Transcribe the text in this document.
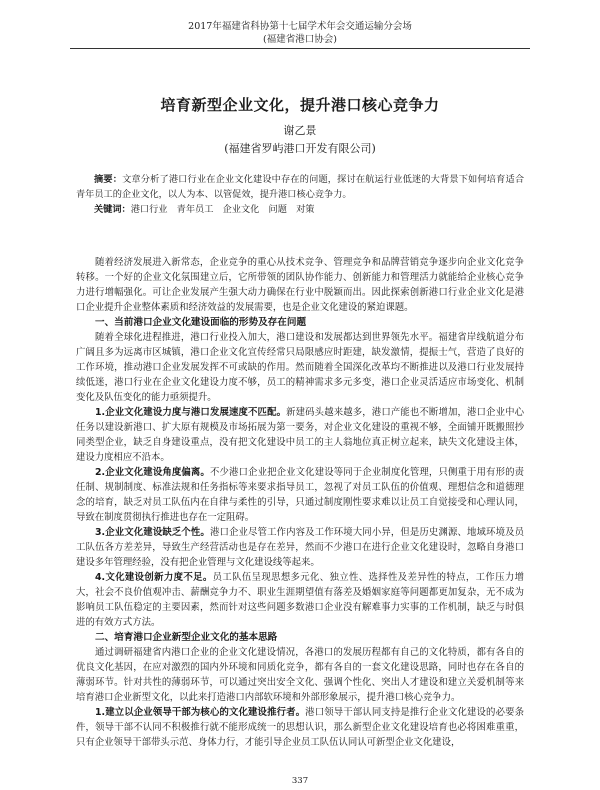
2017年福建省科协第十七届学术年会交通运输分会场
(福建省港口协会)
培育新型企业文化，提升港口核心竞争力
谢乙景
(福建省罗屿港口开发有限公司)
摘要：文章分析了港口行业在企业文化建设中存在的问题，探讨在航运行业低迷的大背景下如何培育适合青年员工的企业文化，以人为本、以管促效，提升港口核心竞争力。
关键词：港口行业　青年员工　企业文化　问题　对策

随着经济发展进入新常态，企业竞争的重心从技术竞争、管理竞争和品牌营销竞争逐步向企业文化竞争转移。一个好的企业文化氛围建立后，它所带领的团队协作能力、创新能力和管理活力就能给企业核心竞争力进行增幅强化。可让企业发展产生强大动力确保在行业中脱颖而出。因此探索创新港口行业企业文化是港口企业提升企业整体素质和经济效益的发展需要，也是企业文化建设的紧迫课题。

一、当前港口企业文化建设面临的形势及存在问题

随着全球化进程推进，港口行业投入加大，港口建设和发展都达到世界领先水平。福建省岸线航道分布广阔且多为远离市区城镇，港口企业文化宣传经常只局限感应时距建，缺发激情，提振士气，营造了良好的工作环境，推动港口企业发展发挥不可或缺的作用。然而随着全国深化改革均不断推进以及港口行业发展持续低迷，港口行业在企业文化建设力度不够，员工的精神需求多元多变，港口企业灵活适应市场变化、机制变化及队伍变化的能力亟须提升。

1.企业文化建设力度与港口发展速度不匹配。新建码头越来越多，港口产能也不断增加，港口企业中心任务以建设新港口、扩大原有规模及市场拓展为第一要务，对企业文化建设的重视不够，全面铺开既搬照抄同类型企业，缺乏自身建设重点，没有把文化建设中员工的主人翁地位真正树立起来，缺失文化建设主体，建设力度相应不沿本。

2.企业文化建设角度偏离。不少港口企业把企业文化建设等同于企业制度化管理，只侧重于用有形的责任制、规制制度、标准法规和任务指标等来要求指导员工，忽视了对员工队伍的价值观、理想信念和道德理念的培育，缺乏对员工队伍内在自律与柔性的引导，只通过制度刚性要求难以让员工自觉接受和心理认同，导致在制度贯彻执行推进也存在一定阻碍。

3.企业文化建设缺乏个性。港口企业尽管工作内容及工作环境大同小异，但是历史渊源、地域环境及员工队伍各方差差异，导致生产经营活动也是存在差异，然而不少港口在进行企业文化建设时，忽略自身港口建设多年管理经验，没有把企业管理与文化建设线等起来。

4.文化建设创新力度不足。员工队伍呈现思想多元化、独立性、选择性及差异性的特点，工作压力增大，社会不良价值观冲击、薪酬竞争力不、职业生涯期望值有落差及婚姻家庭等问题都更加复杂，无不成为影响员工队伍稳定的主要因素，然而针对这些问题多数港口企业没有解难事力实事的工作机制，缺乏与时俱进的有效方式方法。

二、培育港口企业新型企业文化的基本思路

通过调研福建省内港口企业的企业文化建设情况，各港口的发展历程都有自己的文化特质，都有各自的优良文化基因，在应对激烈的国内外环境和同质化竞争，都有各自的一套文化建设思路，同时也存在各自的薄弱环节。针对共性的薄弱环节，可以通过突出安全文化、强调个性化、突出人才建设和建立关爱机制等来培育港口企业新型文化，以此来打造港口内部软环境和外部形象展示，提升港口核心竞争力。

1.建立以企业领导干部为核心的文化建设推行者。港口领导干部认同支持是推行企业文化建设的必要条件，领导干部不认同不积极推行就不能形成统一的思想认识，那么新型企业文化建设培育也必将困难重重，只有企业领导干部带头示范、身体力行，才能引导企业员工队伍认同认可新型企业文化建设，

337
